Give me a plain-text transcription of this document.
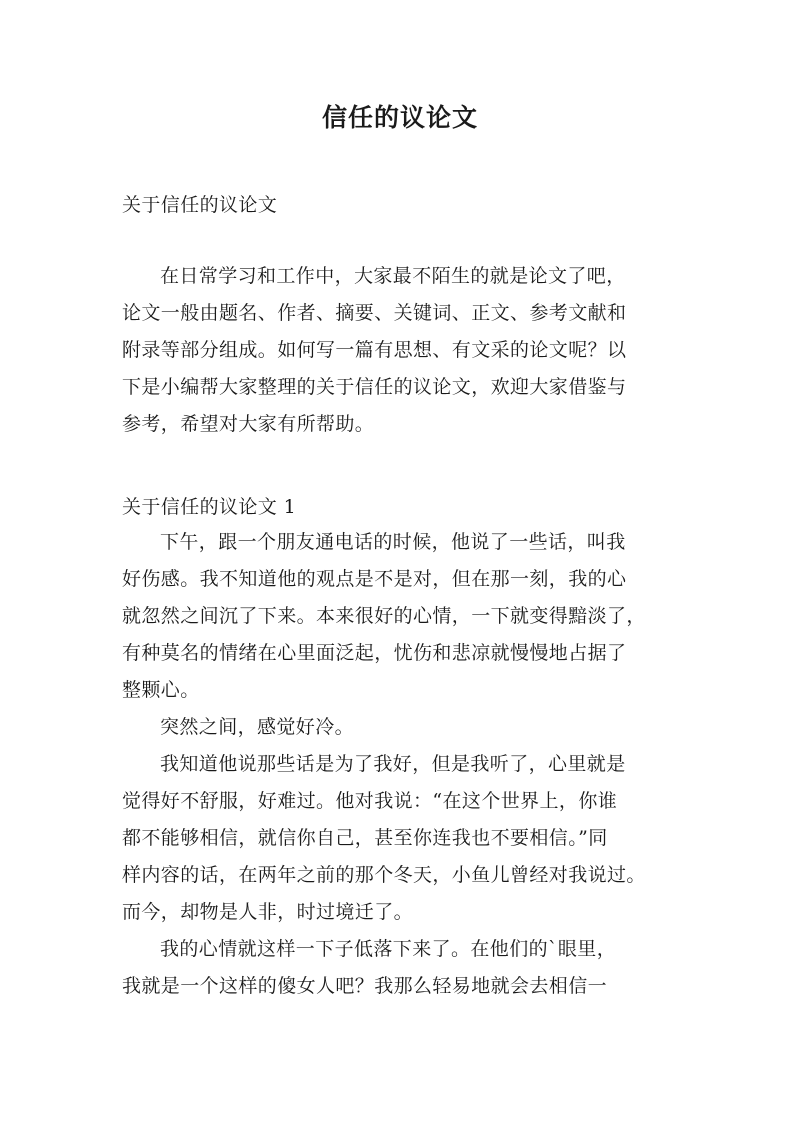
信任的议论文
关于信任的议论文
在日常学习和工作中，大家最不陌生的就是论文了吧，
论文一般由题名、作者、摘要、关键词、正文、参考文献和
附录等部分组成。如何写一篇有思想、有文采的论文呢？以
下是小编帮大家整理的关于信任的议论文，欢迎大家借鉴与
参考，希望对大家有所帮助。
关于信任的议论文 1
下午，跟一个朋友通电话的时候，他说了一些话，叫我
好伤感。我不知道他的观点是不是对，但在那一刻，我的心
就忽然之间沉了下来。本来很好的心情，一下就变得黯淡了，
有种莫名的情绪在心里面泛起，忧伤和悲凉就慢慢地占据了
整颗心。
突然之间，感觉好冷。
我知道他说那些话是为了我好，但是我听了，心里就是
觉得好不舒服，好难过。他对我说：“在这个世界上，你谁
都不能够相信，就信你自己，甚至你连我也不要相信。”同
样内容的话，在两年之前的那个冬天，小鱼儿曾经对我说过。
而今，却物是人非，时过境迁了。
我的心情就这样一下子低落下来了。在他们的`眼里，
我就是一个这样的傻女人吧？我那么轻易地就会去相信一
